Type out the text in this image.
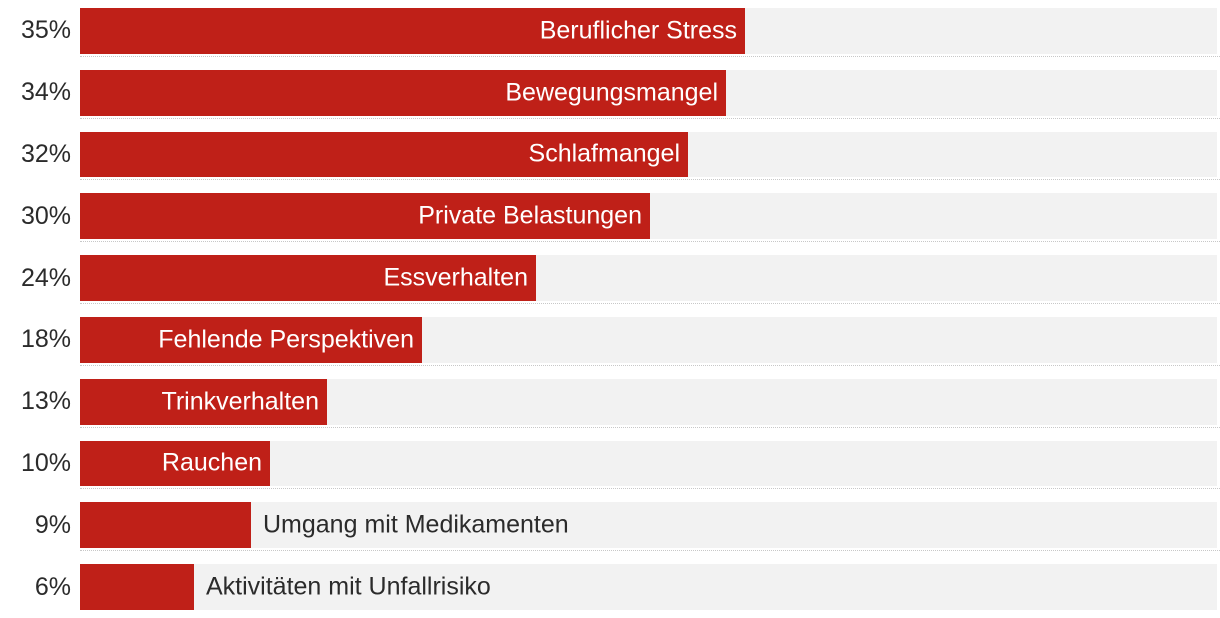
35%	Beruflicher Stress
34%	Bewegungsmangel
32%	Schlafmangel
30%	Private Belastungen
24%	Essverhalten
18%	Fehlende Perspektiven
13%	Trinkverhalten
10%	Rauchen
9%	Umgang mit Medikamenten
6%	Aktivitäten mit Unfallrisiko
